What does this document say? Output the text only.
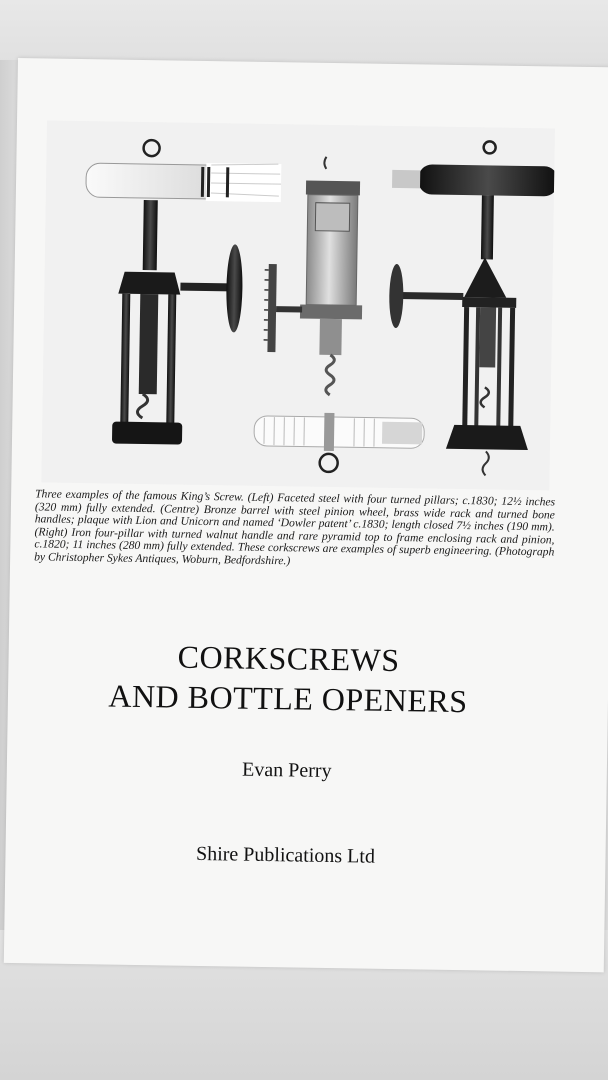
Three examples of the famous King’s Screw. (Left) Faceted steel with four turned pillars; c.1830; 12½ inches (320 mm) fully extended. (Centre) Bronze barrel with steel pinion wheel, brass wide rack and turned bone handles; plaque with Lion and Unicorn and named ‘Dowler patent’ c.1830; length closed 7½ inches (190 mm). (Right) Iron four-pillar with turned walnut handle and rare pyramid top to frame enclosing rack and pinion, c.1820; 11 inches (280 mm) fully extended. These corkscrews are examples of superb engineering. (Photograph by Christopher Sykes Antiques, Woburn, Bedfordshire.)
CORKSCREWS
AND BOTTLE OPENERS
Evan Perry
Shire Publications Ltd
